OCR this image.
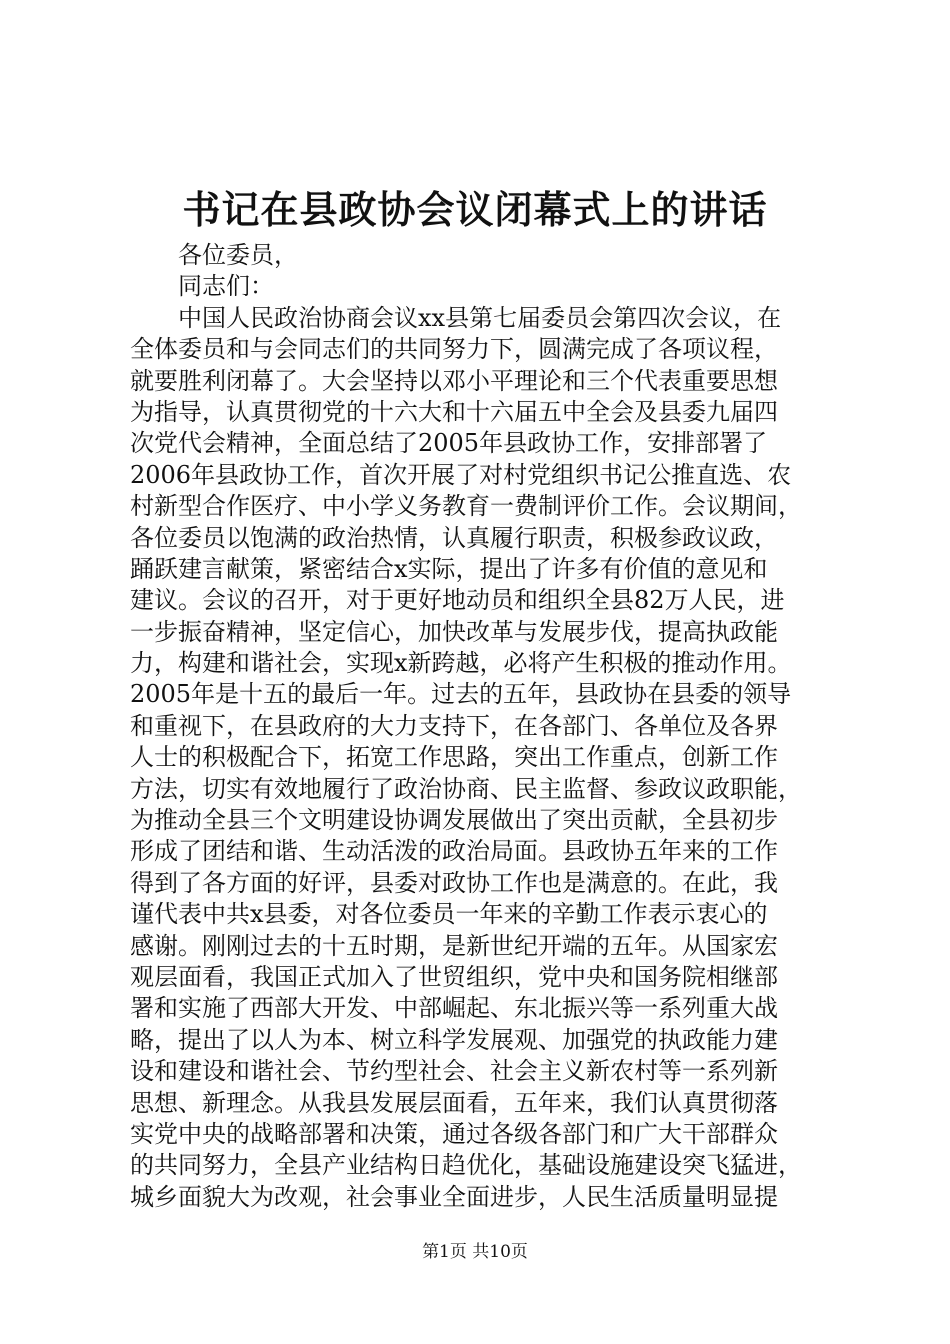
书记在县政协会议闭幕式上的讲话
各位委员，
同志们：
中国人民政治协商会议xx县第七届委员会第四次会议，在
全体委员和与会同志们的共同努力下，圆满完成了各项议程，
就要胜利闭幕了。大会坚持以邓小平理论和三个代表重要思想
为指导，认真贯彻党的十六大和十六届五中全会及县委九届四
次党代会精神，全面总结了2005年县政协工作，安排部署了
2006年县政协工作，首次开展了对村党组织书记公推直选、农
村新型合作医疗、中小学义务教育一费制评价工作。会议期间，
各位委员以饱满的政治热情，认真履行职责，积极参政议政，
踊跃建言献策，紧密结合x实际，提出了许多有价值的意见和
建议。会议的召开，对于更好地动员和组织全县82万人民，进
一步振奋精神，坚定信心，加快改革与发展步伐，提高执政能
力，构建和谐社会，实现x新跨越，必将产生积极的推动作用。
2005年是十五的最后一年。过去的五年，县政协在县委的领导
和重视下，在县政府的大力支持下，在各部门、各单位及各界
人士的积极配合下，拓宽工作思路，突出工作重点，创新工作
方法，切实有效地履行了政治协商、民主监督、参政议政职能，
为推动全县三个文明建设协调发展做出了突出贡献，全县初步
形成了团结和谐、生动活泼的政治局面。县政协五年来的工作
得到了各方面的好评，县委对政协工作也是满意的。在此，我
谨代表中共x县委，对各位委员一年来的辛勤工作表示衷心的
感谢。刚刚过去的十五时期，是新世纪开端的五年。从国家宏
观层面看，我国正式加入了世贸组织，党中央和国务院相继部
署和实施了西部大开发、中部崛起、东北振兴等一系列重大战
略，提出了以人为本、树立科学发展观、加强党的执政能力建
设和建设和谐社会、节约型社会、社会主义新农村等一系列新
思想、新理念。从我县发展层面看，五年来，我们认真贯彻落
实党中央的战略部署和决策，通过各级各部门和广大干部群众
的共同努力，全县产业结构日趋优化，基础设施建设突飞猛进，
城乡面貌大为改观，社会事业全面进步，人民生活质量明显提
第1页 共10页
